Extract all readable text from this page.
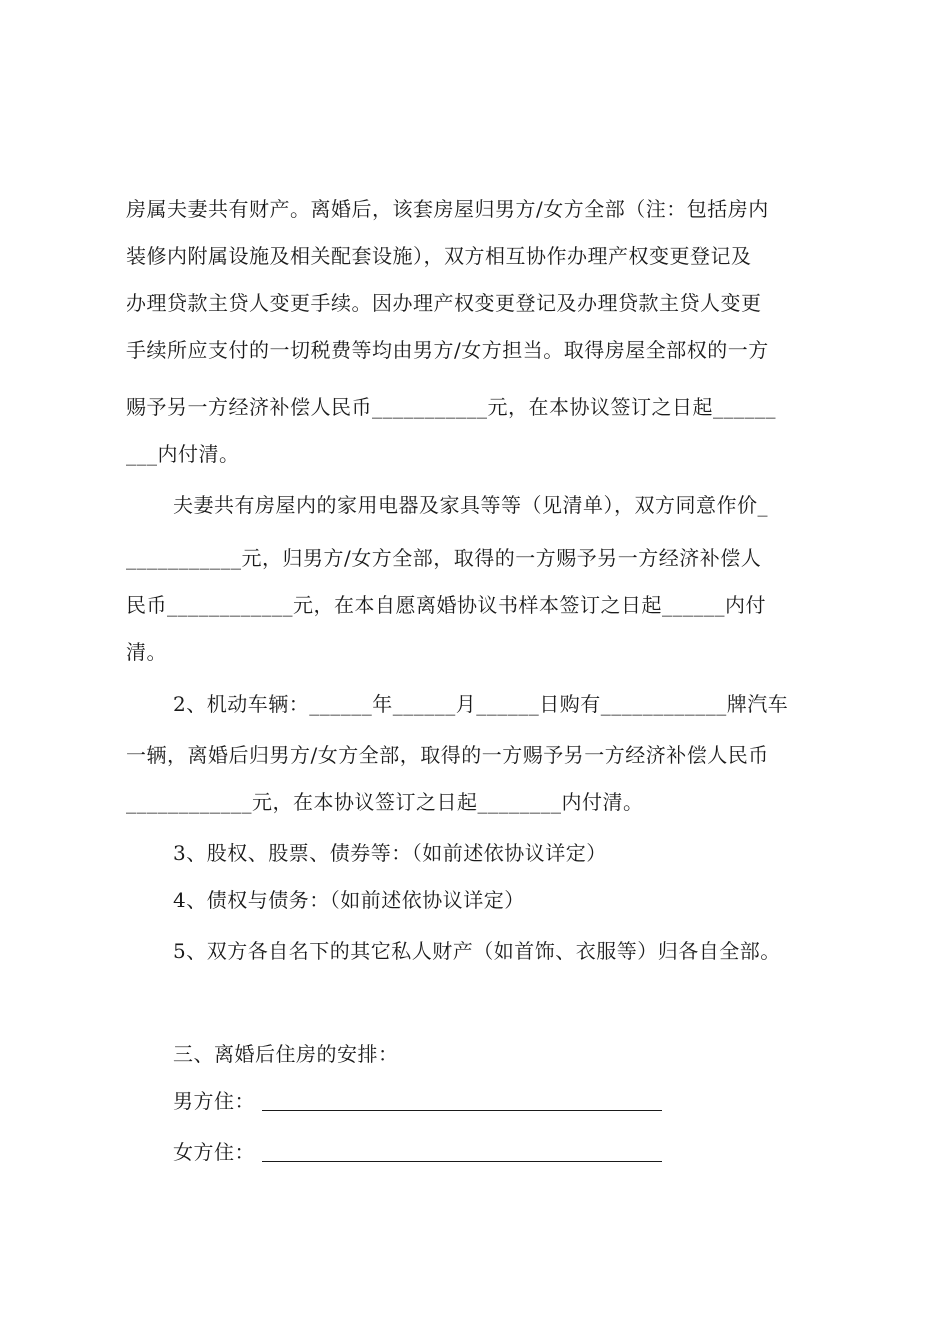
房属夫妻共有财产。离婚后，该套房屋归男方/女方全部（注：包括房内
装修内附属设施及相关配套设施），双方相互协作办理产权变更登记及
办理贷款主贷人变更手续。因办理产权变更登记及办理贷款主贷人变更
手续所应支付的一切税费等均由男方/女方担当。取得房屋全部权的一方
赐予另一方经济补偿人民币___________元，在本协议签订之日起______
___内付清。
夫妻共有房屋内的家用电器及家具等等（见清单），双方同意作价_
___________元，归男方/女方全部，取得的一方赐予另一方经济补偿人
民币____________元，在本自愿离婚协议书样本签订之日起______内付
清。
2、机动车辆：______年______月______日购有____________牌汽车
一辆，离婚后归男方/女方全部，取得的一方赐予另一方经济补偿人民币
____________元，在本协议签订之日起________内付清。
3、股权、股票、债券等：（如前述依协议详定）
4、债权与债务：（如前述依协议详定）
5、双方各自名下的其它私人财产（如首饰、衣服等）归各自全部。
三、离婚后住房的安排：
男方住：
女方住：
